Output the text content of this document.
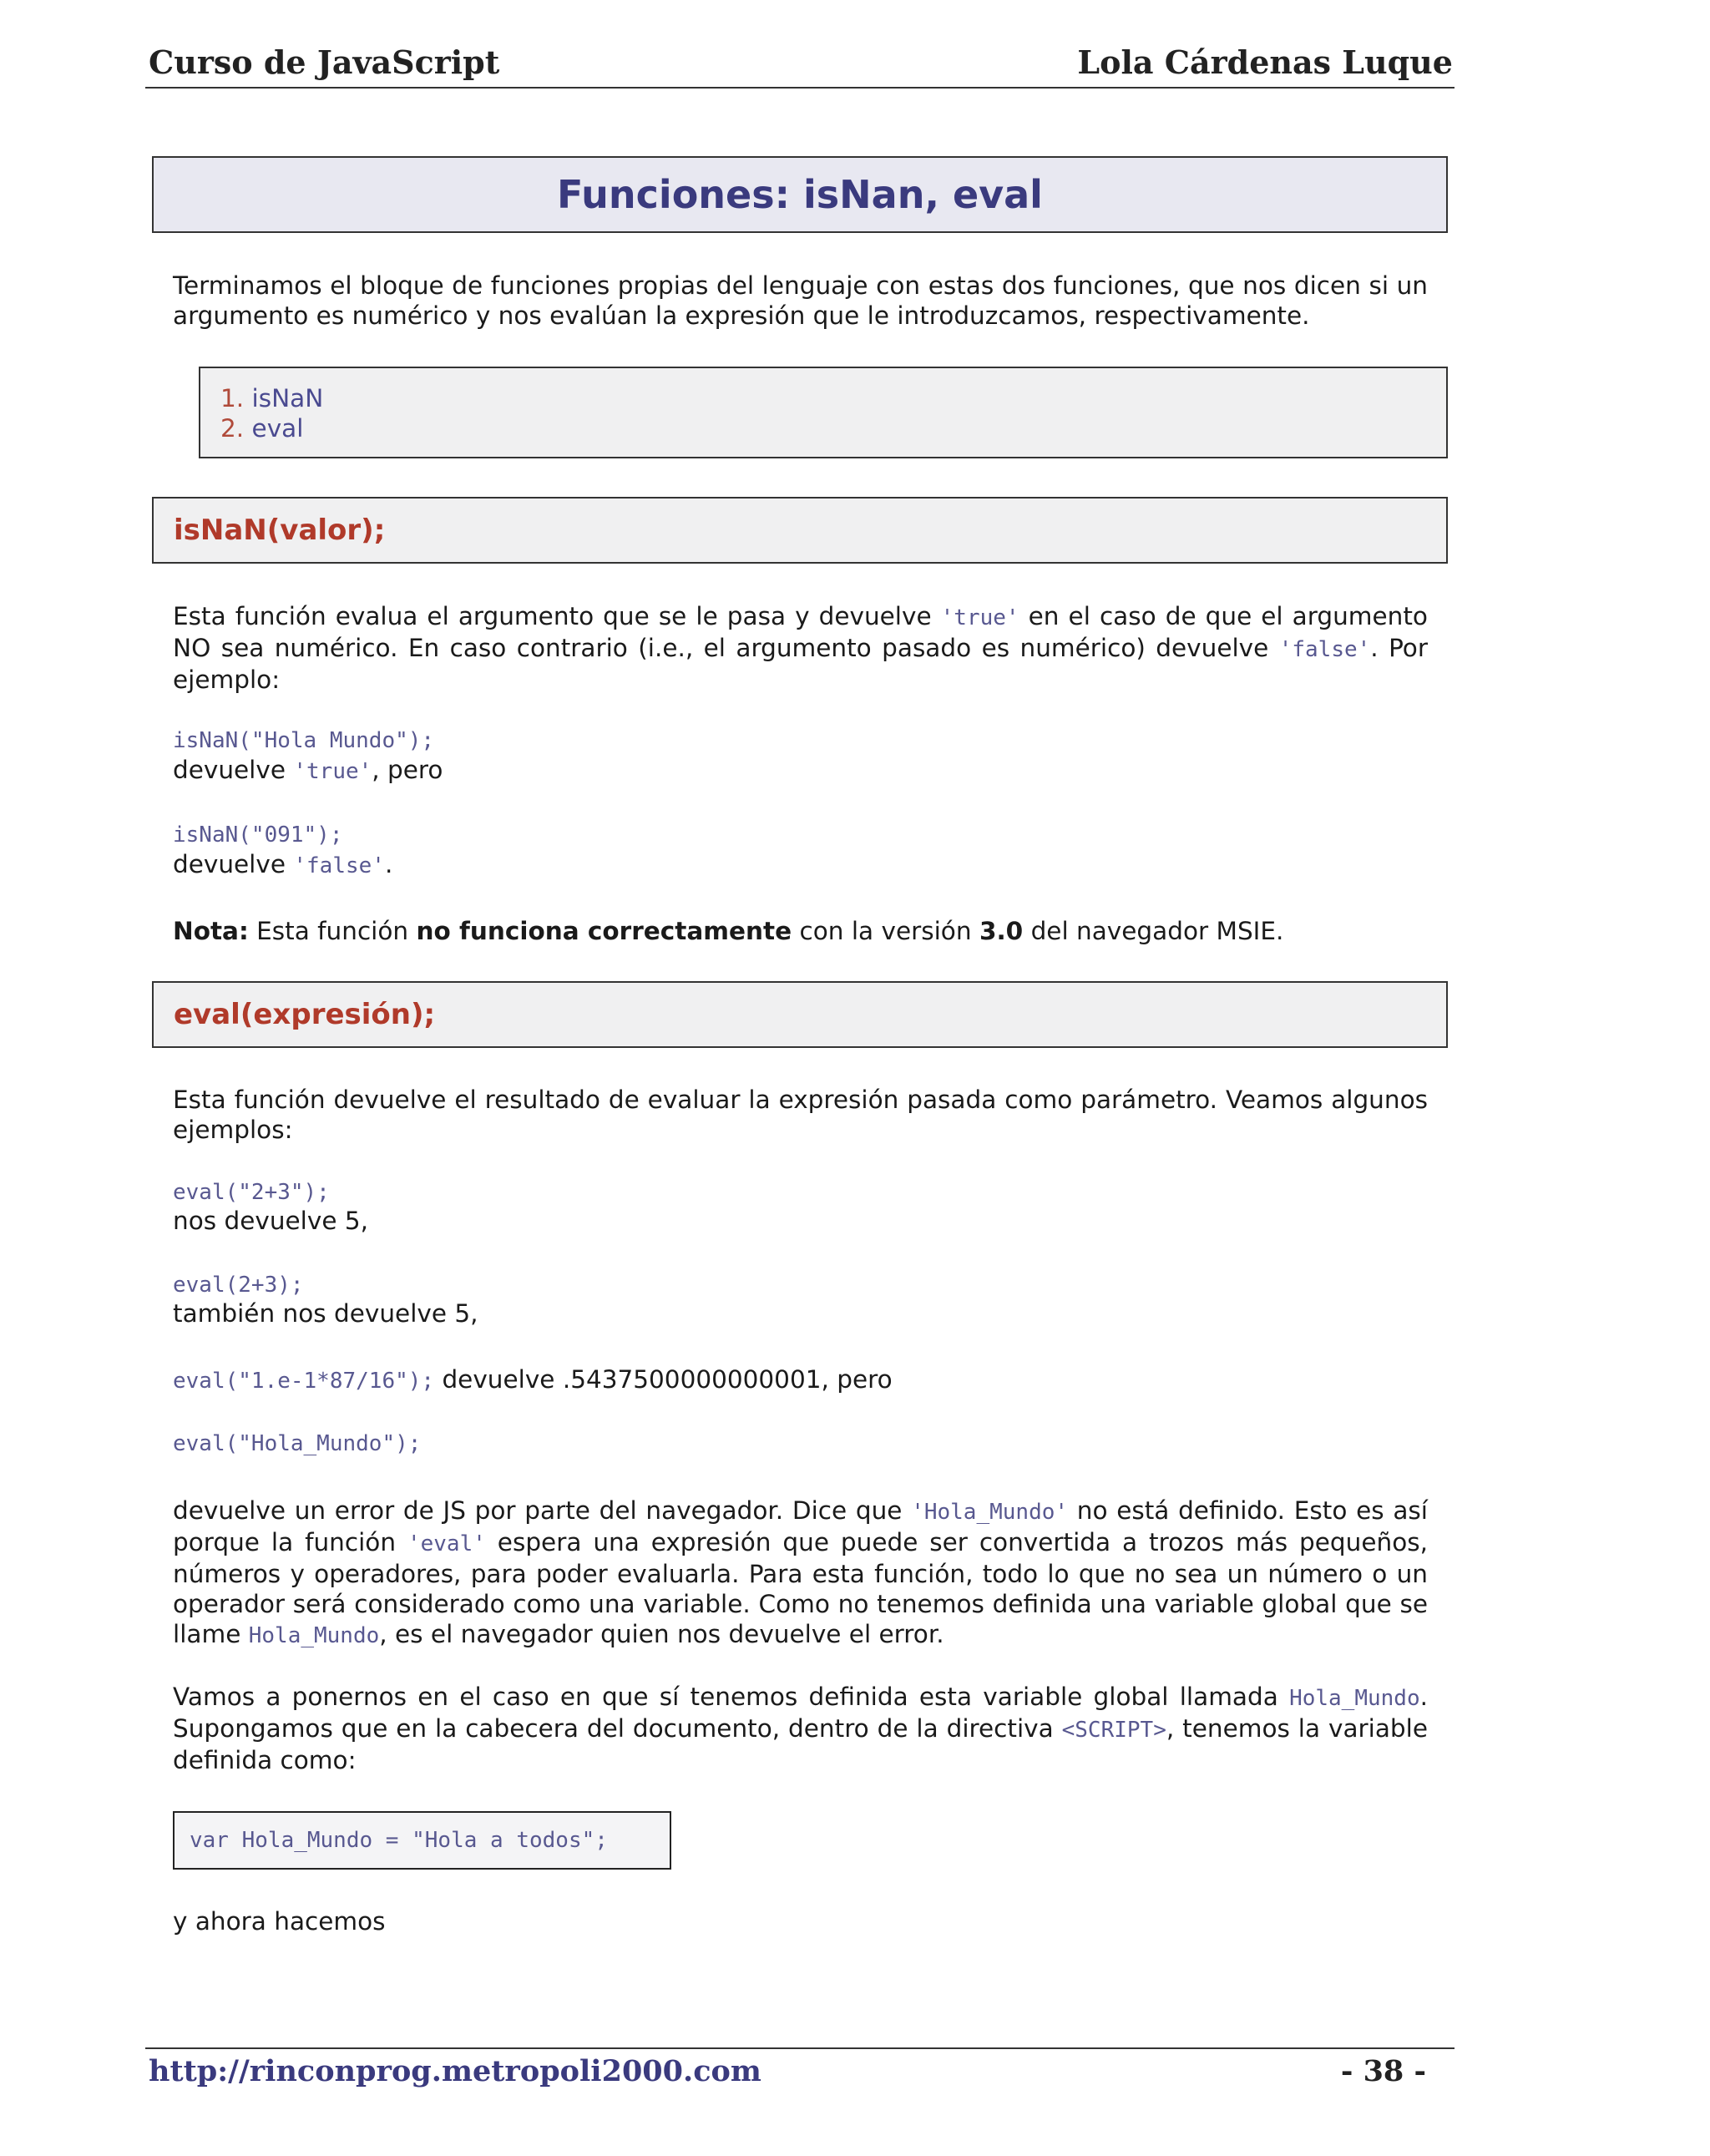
Curso de JavaScript	Lola Cárdenas Luque
Funciones: isNan, eval

Terminamos el bloque de funciones propias del lenguaje con estas dos funciones, que nos dicen si un argumento es numérico y nos evalúan la expresión que le introduzcamos, respectivamente.

1. isNaN
2. eval
isNaN(valor);

Esta función evalua el argumento que se le pasa y devuelve 'true' en el caso de que el argumento NO sea numérico. En caso contrario (i.e., el argumento pasado es numérico) devuelve 'false'. Por ejemplo:

isNaN("Hola Mundo");

devuelve 'true', pero

isNaN("091");

devuelve 'false'.

Nota: Esta función no funciona correctamente con la versión 3.0 del navegador MSIE.

eval(expresión);

Esta función devuelve el resultado de evaluar la expresión pasada como parámetro. Veamos algunos ejemplos:

eval("2+3");

nos devuelve 5,

eval(2+3);

también nos devuelve 5,

eval("1.e-1*87/16"); devuelve .5437500000000001, pero

eval("Hola_Mundo");

devuelve un error de JS por parte del navegador. Dice que 'Hola_Mundo' no está definido. Esto es así porque la función 'eval' espera una expresión que puede ser convertida a trozos más pequeños, números y operadores, para poder evaluarla. Para esta función, todo lo que no sea un número o un operador será considerado como una variable. Como no tenemos definida una variable global que se llame Hola_Mundo, es el navegador quien nos devuelve el error.

Vamos a ponernos en el caso en que sí tenemos definida esta variable global llamada Hola_Mundo. Supongamos que en la cabecera del documento, dentro de la directiva <SCRIPT>, tenemos la variable definida como:

var Hola_Mundo = "Hola a todos";

y ahora hacemos

http://rinconprog.metropoli2000.com	- 38 -
